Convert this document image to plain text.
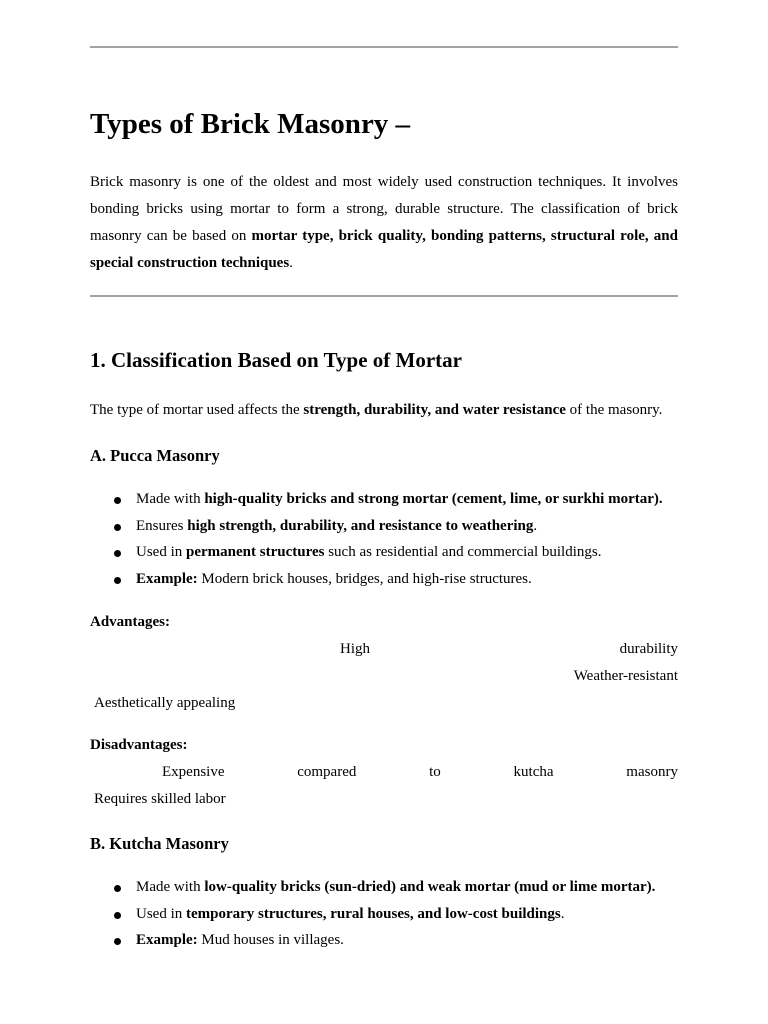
Types of Brick Masonry –

Brick masonry is one of the oldest and most widely used construction techniques. It involves bonding bricks using mortar to form a strong, durable structure. The classification of brick masonry can be based on mortar type, brick quality, bonding patterns, structural role, and special construction techniques.

1. Classification Based on Type of Mortar
The type of mortar used affects the strength, durability, and water resistance of the masonry.
A. Pucca Masonry
Made with high-quality bricks and strong mortar (cement, lime, or surkhi mortar).
Ensures high strength, durability, and resistance to weathering.
Used in permanent structures such as residential and commercial buildings.
Example: Modern brick houses, bridges, and high-rise structures.
Advantages:
High	durability
Weather-resistant
Aesthetically appealing
Disadvantages:
Expensive	compared	to	kutcha	masonry
Requires skilled labor
B. Kutcha Masonry
Made with low-quality bricks (sun-dried) and weak mortar (mud or lime mortar).
Used in temporary structures, rural houses, and low-cost buildings.
Example: Mud houses in villages.
